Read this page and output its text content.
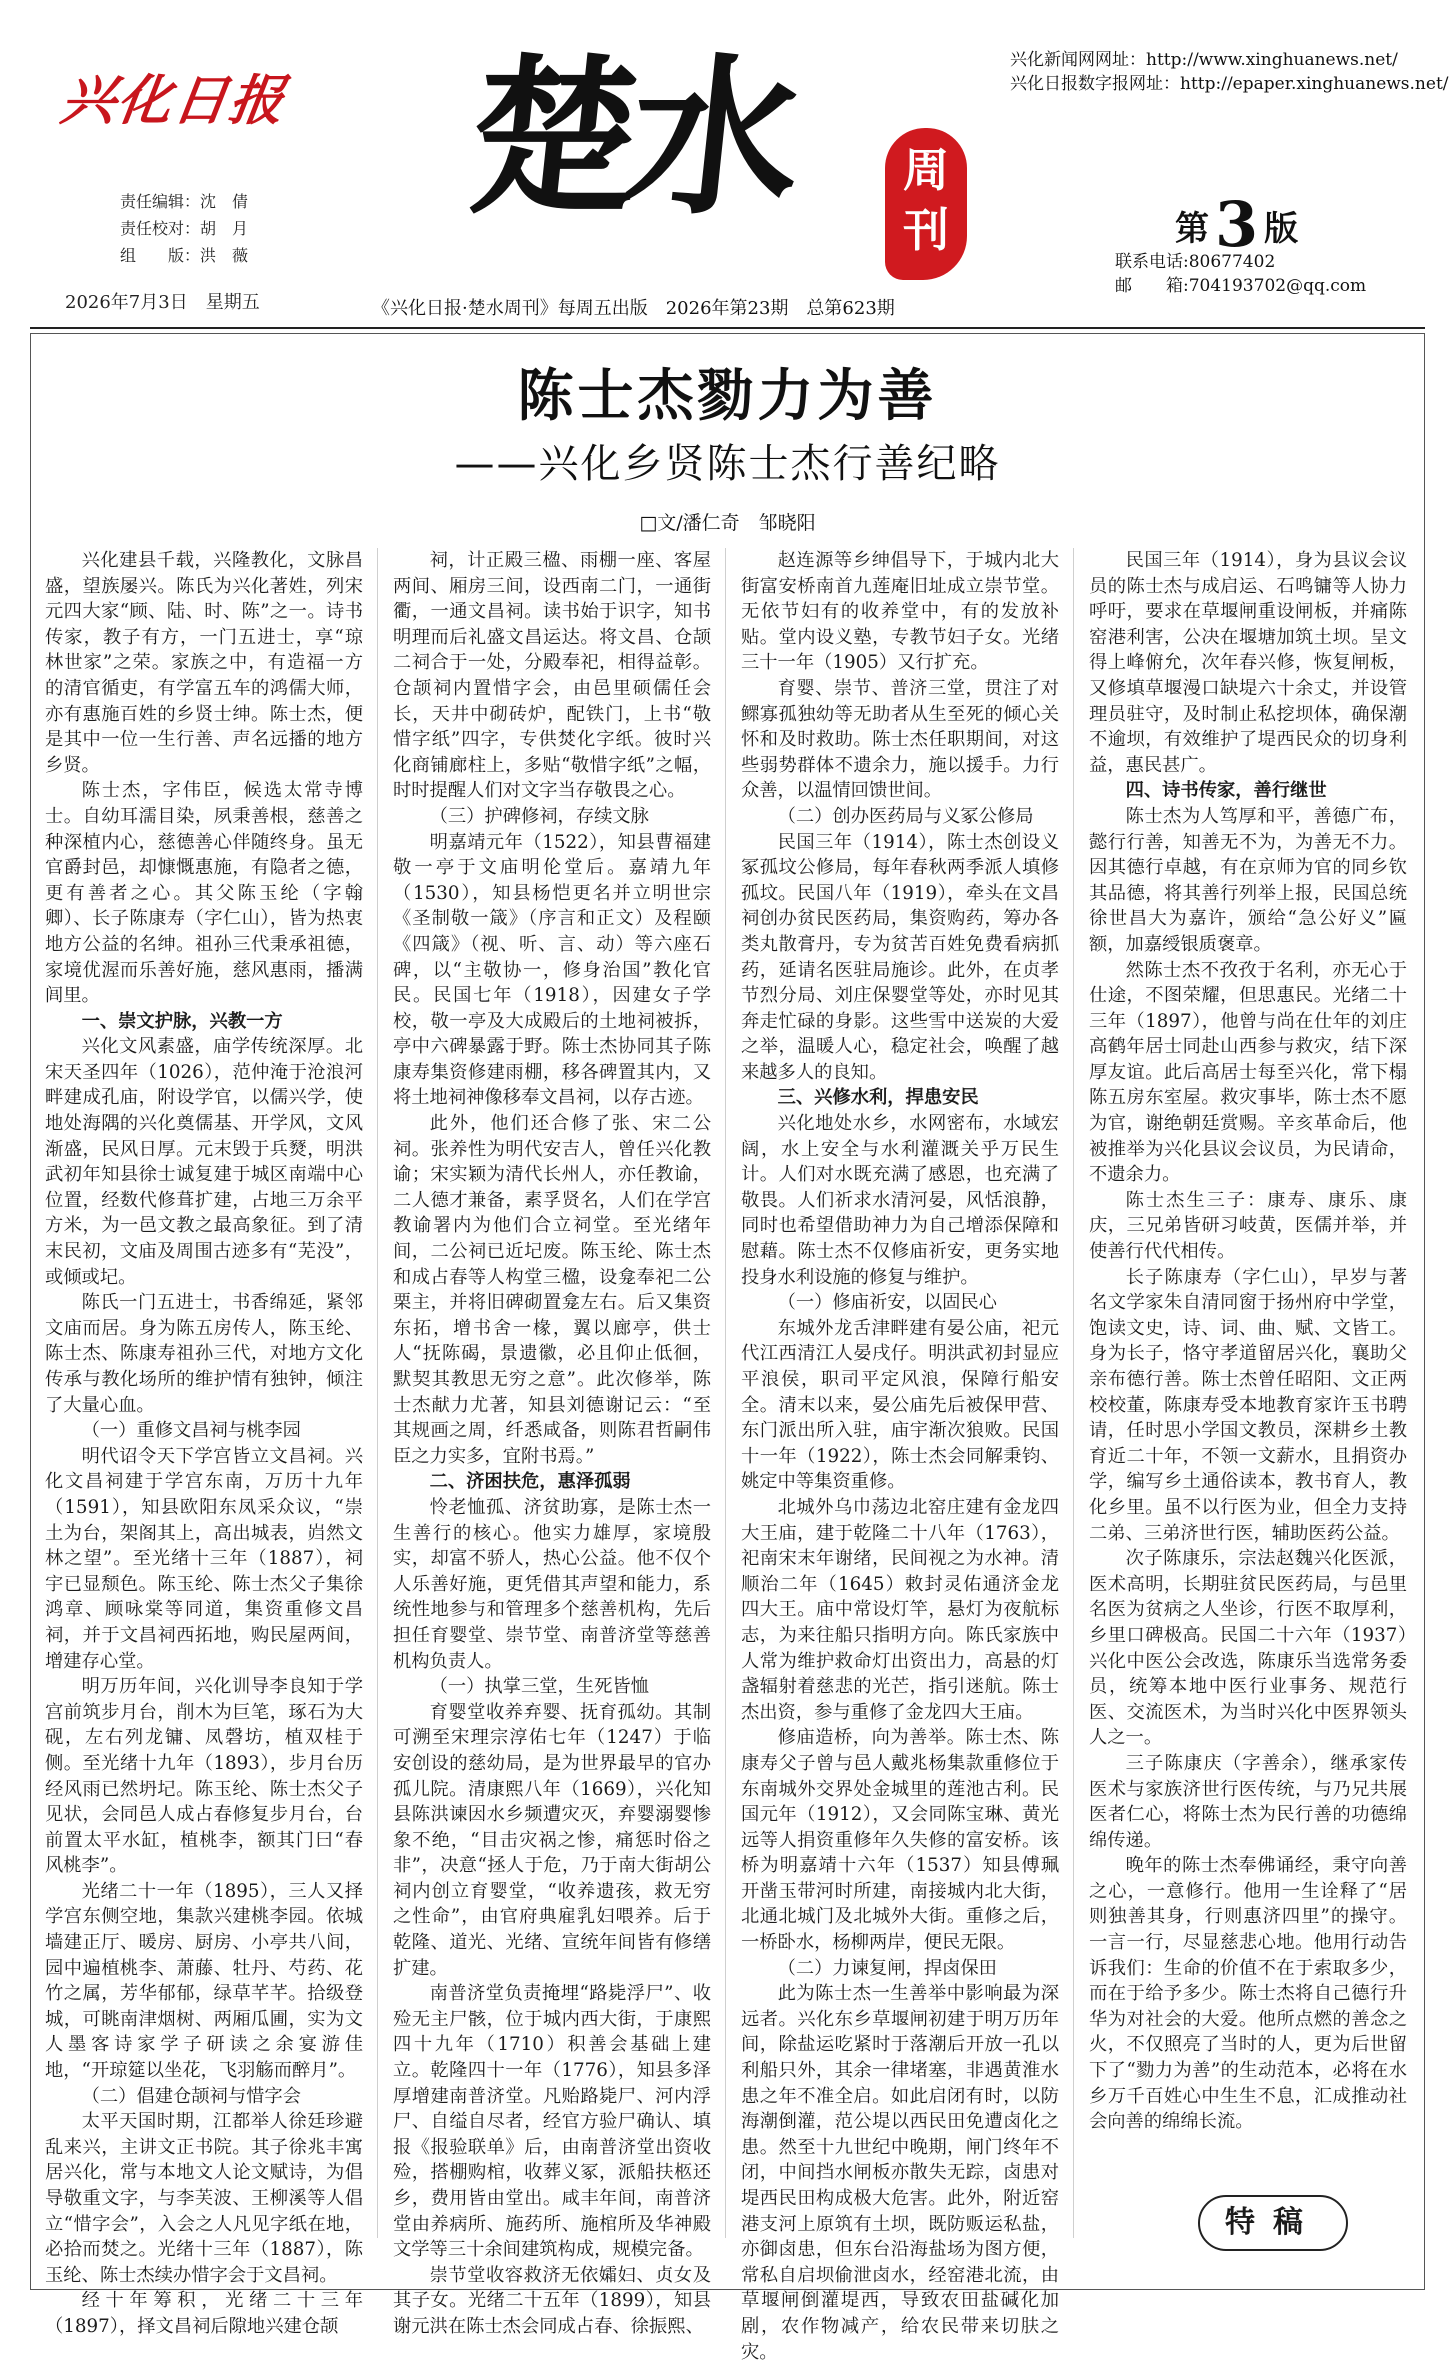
兴化日报
责任编辑：沈　倩
责任校对：胡　月
组　　版：洪　薇
2026年7月3日　星期五
楚水	周刊
兴化新闻网网址：http://www.xinghuanews.net/
兴化日报数字报网址：http://epaper.xinghuanews.net/
第3 版
联系电话:80677402
邮　　箱:704193702@qq.com
《兴化日报·楚水周刊》每周五出版　2026年第23期　总第623期
陈士杰勠力为善
——兴化乡贤陈士杰行善纪略
□文/潘仁奇　邹晓阳

兴化建县千载，兴隆教化，文脉昌盛，望族屡兴。陈氏为兴化著姓，列宋元四大家“顾、陆、时、陈”之一。诗书传家，教子有方，一门五进士，享“琼林世家”之荣。家族之中，有造福一方的清官循吏，有学富五车的鸿儒大师，亦有惠施百姓的乡贤士绅。陈士杰，便是其中一位一生行善、声名远播的地方乡贤。

陈士杰，字伟臣，候选太常寺博士。自幼耳濡目染，夙秉善根，慈善之种深植内心，慈德善心伴随终身。虽无官爵封邑，却慷慨惠施，有隐者之德，更有善者之心。其父陈玉纶（字翰卿）、长子陈康寿（字仁山），皆为热衷地方公益的名绅。祖孙三代秉承祖德，家境优渥而乐善好施，慈风惠雨，播满闾里。

一、崇文护脉，兴教一方

兴化文风素盛，庙学传统深厚。北宋天圣四年（1026），范仲淹于沧浪河畔建成孔庙，附设学官，以儒兴学，使地处海隅的兴化奠儒基、开学风，文风渐盛，民风日厚。元末毁于兵燹，明洪武初年知县徐士诚复建于城区南端中心位置，经数代修葺扩建，占地三万余平方米，为一邑文教之最高象征。到了清末民初，文庙及周围古迹多有“芜没”，或倾或圮。

陈氏一门五进士，书香绵延，紧邻文庙而居。身为陈五房传人，陈玉纶、陈士杰、陈康寿祖孙三代，对地方文化传承与教化场所的维护情有独钟，倾注了大量心血。

（一）重修文昌祠与桃李园

明代诏令天下学宫皆立文昌祠。兴化文昌祠建于学宫东南，万历十九年（1591），知县欧阳东凤采众议，“崇土为台，架阁其上，高出城表，岿然文林之望”。至光绪十三年（1887），祠宇已显颓色。陈玉纶、陈士杰父子集徐鸿章、顾咏棠等同道，集资重修文昌祠，并于文昌祠西拓地，购民屋两间，增建存心堂。

明万历年间，兴化训导李良知于学宫前筑步月台，削木为巨笔，琢石为大砚，左右列龙镛、凤磬坊，植双桂于侧。至光绪十九年（1893），步月台历经风雨已然坍圮。陈玉纶、陈士杰父子见状，会同邑人成占春修复步月台，台前置太平水缸，植桃李，额其门曰“春风桃李”。

光绪二十一年（1895），三人又择学宫东侧空地，集款兴建桃李园。依城墙建正厅、暖房、厨房、小亭共八间，园中遍植桃李、萧藤、牡丹、芍药、花竹之属，芳华郁郁，绿草芊芊。拾级登城，可眺南津烟树、两厢瓜圃，实为文人墨客诗家学子研读之余宴游佳地，“开琼筵以坐花，飞羽觞而醉月”。

（二）倡建仓颉祠与惜字会

太平天国时期，江都举人徐廷珍避乱来兴，主讲文正书院。其子徐兆丰寓居兴化，常与本地文人论文赋诗，为倡导敬重文字，与李芙波、王柳溪等人倡立“惜字会”，入会之人凡见字纸在地，必拾而焚之。光绪十三年（1887），陈玉纶、陈士杰续办惜字会于文昌祠。

经十年筹积，光绪二十三年（1897），择文昌祠后隙地兴建仓颉

祠，计正殿三楹、雨棚一座、客屋两间、厢房三间，设西南二门，一通街衢，一通文昌祠。读书始于识字，知书明理而后礼盛文昌运达。将文昌、仓颉二祠合于一处，分殿奉祀，相得益彰。仓颉祠内置惜字会，由邑里硕儒任会长，天井中砌砖炉，配铁门，上书“敬惜字纸”四字，专供焚化字纸。彼时兴化商铺廊柱上，多贴“敬惜字纸”之幅，时时提醒人们对文字当存敬畏之心。

（三）护碑修祠，存续文脉

明嘉靖元年（1522），知县曹福建敬一亭于文庙明伦堂后。嘉靖九年（1530），知县杨恺更名并立明世宗《圣制敬一箴》（序言和正文）及程颐《四箴》（视、听、言、动）等六座石碑，以“主敬协一，修身治国”教化官民。民国七年（1918），因建女子学校，敬一亭及大成殿后的土地祠被拆，亭中六碑暴露于野。陈士杰协同其子陈康寿集资修建雨棚，移各碑置其内，又将土地祠神像移奉文昌祠，以存古迹。

此外，他们还合修了张、宋二公祠。张养性为明代安吉人，曾任兴化教谕；宋实颖为清代长州人，亦任教谕，二人德才兼备，素孚贤名，人们在学宫教谕署内为他们合立祠堂。至光绪年间，二公祠已近圮废。陈玉纶、陈士杰和成占春等人构堂三楹，设龛奉祀二公栗主，并将旧碑砌置龛左右。后又集资东拓，增书舍一椽，翼以廊亭，供士人“抚陈碣，景遗徽，必且仰止低徊，默契其教思无穷之意”。此次修举，陈士杰献力尤著，知县刘德谢记云：“至其规画之周，纤悉咸备，则陈君哲嗣伟臣之力实多，宜附书焉。”

二、济困扶危，惠泽孤弱

怜老恤孤、济贫助寡，是陈士杰一生善行的核心。他实力雄厚，家境殷实，却富不骄人，热心公益。他不仅个人乐善好施，更凭借其声望和能力，系统性地参与和管理多个慈善机构，先后担任育婴堂、崇节堂、南普济堂等慈善机构负责人。

（一）执掌三堂，生死皆恤

育婴堂收养弃婴、抚育孤幼。其制可溯至宋理宗淳佑七年（1247）于临安创设的慈幼局，是为世界最早的官办孤儿院。清康熙八年（1669），兴化知县陈洪谏因水乡频遭灾灭，弃婴溺婴惨象不绝，“目击灾祸之惨，痛惩时俗之非”，决意“拯人于危，乃于南大街胡公祠内创立育婴堂，“收养遗孩，救无穷之性命”，由官府典雇乳妇喂养。后于乾隆、道光、光绪、宣统年间皆有修缮扩建。

南普济堂负责掩埋“路毙浮尸”、收殓无主尸骸，位于城内西大街，于康熙四十九年（1710）积善会基础上建立。乾隆四十一年（1776），知县多泽厚增建南普济堂。凡贻路毙尸、河内浮尸、自缢自尽者，经官方验尸确认、填报《报验联单》后，由南普济堂出资收殓，搭棚购棺，收葬义冢，派船扶柩还乡，费用皆由堂出。咸丰年间，南普济堂由养病所、施药所、施棺所及华神殿文学等三十余间建筑构成，规模完备。

崇节堂收容救济无依孀妇、贞女及其子女。光绪二十五年（1899），知县谢元洪在陈士杰会同成占春、徐振熙、

赵连源等乡绅倡导下，于城内北大街富安桥南首九莲庵旧址成立崇节堂。无依节妇有的收养堂中，有的发放补贴。堂内设义塾，专教节妇子女。光绪三十一年（1905）又行扩充。

育婴、崇节、普济三堂，贯注了对鳏寡孤独幼等无助者从生至死的倾心关怀和及时救助。陈士杰任职期间，对这些弱势群体不遗余力，施以援手。力行众善，以温情回馈世间。

（二）创办医药局与义冢公修局

民国三年（1914），陈士杰创设义冢孤坟公修局，每年春秋两季派人填修孤坟。民国八年（1919），牵头在文昌祠创办贫民医药局，集资购药，筹办各类丸散膏丹，专为贫苦百姓免费看病抓药，延请名医驻局施诊。此外，在贞孝节烈分局、刘庄保婴堂等处，亦时见其奔走忙碌的身影。这些雪中送炭的大爱之举，温暖人心，稳定社会，唤醒了越来越多人的良知。

三、兴修水利，捍患安民

兴化地处水乡，水网密布，水域宏阔，水上安全与水利灌溉关乎万民生计。人们对水既充满了感恩，也充满了敬畏。人们祈求水清河晏，风恬浪静，同时也希望借助神力为自己增添保障和慰藉。陈士杰不仅修庙祈安，更务实地投身水利设施的修复与维护。

（一）修庙祈安，以固民心

东城外龙舌津畔建有晏公庙，祀元代江西清江人晏戌仔。明洪武初封显应平浪侯，职司平定风浪，保障行船安全。清末以来，晏公庙先后被保甲营、东门派出所入驻，庙宇渐次狼败。民国十一年（1922），陈士杰会同解秉钧、姚定中等集资重修。

北城外乌巾荡边北窑庄建有金龙四大王庙，建于乾隆二十八年（1763），祀南宋末年谢绪，民间视之为水神。清顺治二年（1645）敕封灵佑通济金龙四大王。庙中常设灯竿，悬灯为夜航标志，为来往船只指明方向。陈氏家族中人常为维护救命灯出资出力，高悬的灯盏辐射着慈悲的光芒，指引迷航。陈士杰出资，参与重修了金龙四大王庙。

修庙造桥，向为善举。陈士杰、陈康寿父子曾与邑人戴兆杨集款重修位于东南城外交界处金城里的莲池古利。民国元年（1912），又会同陈宝琳、黄光远等人捐资重修年久失修的富安桥。该桥为明嘉靖十六年（1537）知县傅珮开凿玉带河时所建，南接城内北大街，北通北城门及北城外大街。重修之后，一桥卧水，杨柳两岸，便民无限。

（二）力谏复闸，捍卤保田

此为陈士杰一生善举中影响最为深远者。兴化东乡草堰闸初建于明万历年间，除盐运吃紧时于落潮后开放一孔以利船只外，其余一律堵塞，非遇黄淮水患之年不准全启。如此启闭有时，以防海潮倒灌，范公堤以西民田免遭卤化之患。然至十九世纪中晚期，闸门终年不闭，中间挡水闸板亦散失无踪，卤患对堤西民田构成极大危害。此外，附近窑港支河上原筑有土坝，既防贩运私盐，亦御卤患，但东台沿海盐场为图方便，常私自启坝偷泄卤水，经窑港北流，由草堰闸倒灌堤西，导致农田盐碱化加剧，农作物减产，给农民带来切肤之灾。

民国三年（1914），身为县议会议员的陈士杰与成启运、石鸣镛等人协力呼吁，要求在草堰闸重设闸板，并痛陈窑港利害，公决在堰塘加筑土坝。呈文得上峰俯允，次年春兴修，恢复闸板，又修填草堰漫口缺堤六十余丈，并设管理员驻守，及时制止私挖坝体，确保潮不逾坝，有效维护了堤西民众的切身利益，惠民甚广。

四、诗书传家，善行继世

陈士杰为人笃厚和平，善德广布，懿行行善，知善无不为，为善无不力。因其德行卓越，有在京师为官的同乡钦其品德，将其善行列举上报，民国总统徐世昌大为嘉许，颁给“急公好义”匾额，加嘉绶银质褒章。

然陈士杰不孜孜于名利，亦无心于仕途，不图荣耀，但思惠民。光绪二十三年（1897），他曾与尚在仕年的刘庄高鹤年居士同赴山西参与救灾，结下深厚友谊。此后高居士每至兴化，常下榻陈五房东室屋。救灾事毕，陈士杰不愿为官，谢绝朝廷赏赐。辛亥革命后，他被推举为兴化县议会议员，为民请命，不遗余力。

陈士杰生三子：康寿、康乐、康庆，三兄弟皆研习岐黄，医儒并举，并使善行代代相传。

长子陈康寿（字仁山），早岁与著名文学家朱自清同窗于扬州府中学堂，饱读文史，诗、词、曲、赋、文皆工。身为长子，恪守孝道留居兴化，襄助父亲布德行善。陈士杰曾任昭阳、文正两校校董，陈康寿受本地教育家许玉书聘请，任时思小学国文教员，深耕乡土教育近二十年，不领一文薪水，且捐资办学，编写乡土通俗读本，教书育人，教化乡里。虽不以行医为业，但全力支持二弟、三弟济世行医，辅助医药公益。

次子陈康乐，宗法赵魏兴化医派，医术高明，长期驻贫民医药局，与邑里名医为贫病之人坐诊，行医不取厚利，乡里口碑极高。民国二十六年（1937）兴化中医公会改选，陈康乐当选常务委员，统筹本地中医行业事务、规范行医、交流医术，为当时兴化中医界领头人之一。

三子陈康庆（字善余），继承家传医术与家族济世行医传统，与乃兄共展医者仁心，将陈士杰为民行善的功德绵绵传递。

晚年的陈士杰奉佛诵经，秉守向善之心，一意修行。他用一生诠释了“居则独善其身，行则惠济四里”的操守。一言一行，尽显慈悲心地。他用行动告诉我们：生命的价值不在于索取多少，而在于给予多少。陈士杰将自己德行升华为对社会的大爱。他所点燃的善念之火，不仅照亮了当时的人，更为后世留下了“勠力为善”的生动范本，必将在水乡万千百姓心中生生不息，汇成推动社会向善的绵绵长流。

特稿
